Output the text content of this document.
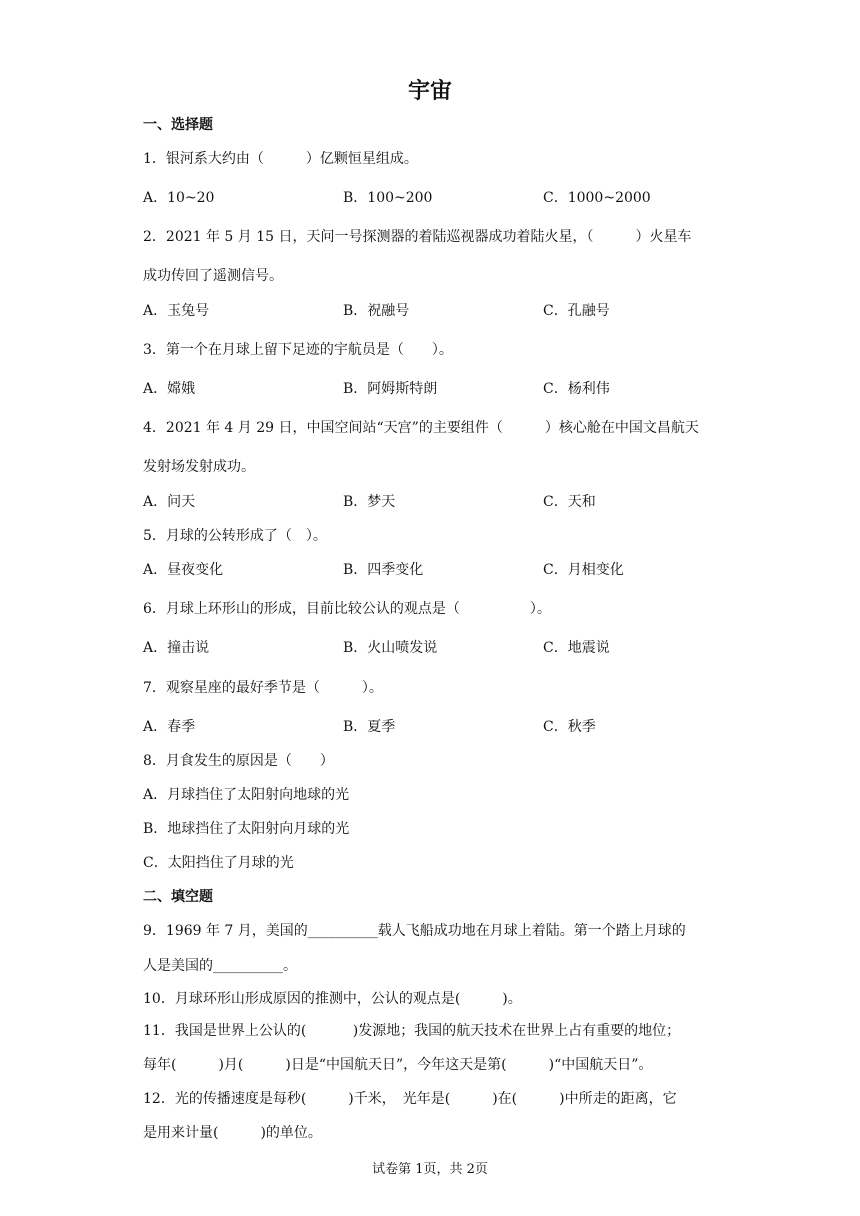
宇宙
一、选择题
1．银河系大约由（　　　）亿颗恒星组成。
A．10~20	B．100~200	C．1000~2000
2．2021 年 5 月 15 日，天问一号探测器的着陆巡视器成功着陆火星，（　　　）火星车
成功传回了遥测信号。
A．玉兔号	B．祝融号	C．孔融号
3．第一个在月球上留下足迹的宇航员是（　　）。
A．嫦娥	B．阿姆斯特朗	C．杨利伟
4．2021 年 4 月 29 日，中国空间站“天宫”的主要组件（　　　）核心舱在中国文昌航天
发射场发射成功。
A．问天	B．梦天	C．天和
5．月球的公转形成了（　）。
A．昼夜变化	B．四季变化	C．月相变化
6．月球上环形山的形成，目前比较公认的观点是（　　　　　）。
A．撞击说	B．火山喷发说	C．地震说
7．观察星座的最好季节是（　　　）。
A．春季	B．夏季	C．秋季
8．月食发生的原因是（　　）
A．月球挡住了太阳射向地球的光
B．地球挡住了太阳射向月球的光
C．太阳挡住了月球的光
二、填空题
9．1969 年 7 月，美国的__________载人飞船成功地在月球上着陆。第一个踏上月球的
人是美国的__________。
10．月球环形山形成原因的推测中，公认的观点是(　　　)。
11．我国是世界上公认的(　　　 )发源地；我国的航天技术在世界上占有重要的地位；
每年(　　　)月(　　　)日是“中国航天日”，今年这天是第(　　　)“中国航天日”。
12．光的传播速度是每秒(　　　)千米，　光年是(　　　)在(　　　)中所走的距离，它
是用来计量(　　　)的单位。
试卷第 1页，共 2页
